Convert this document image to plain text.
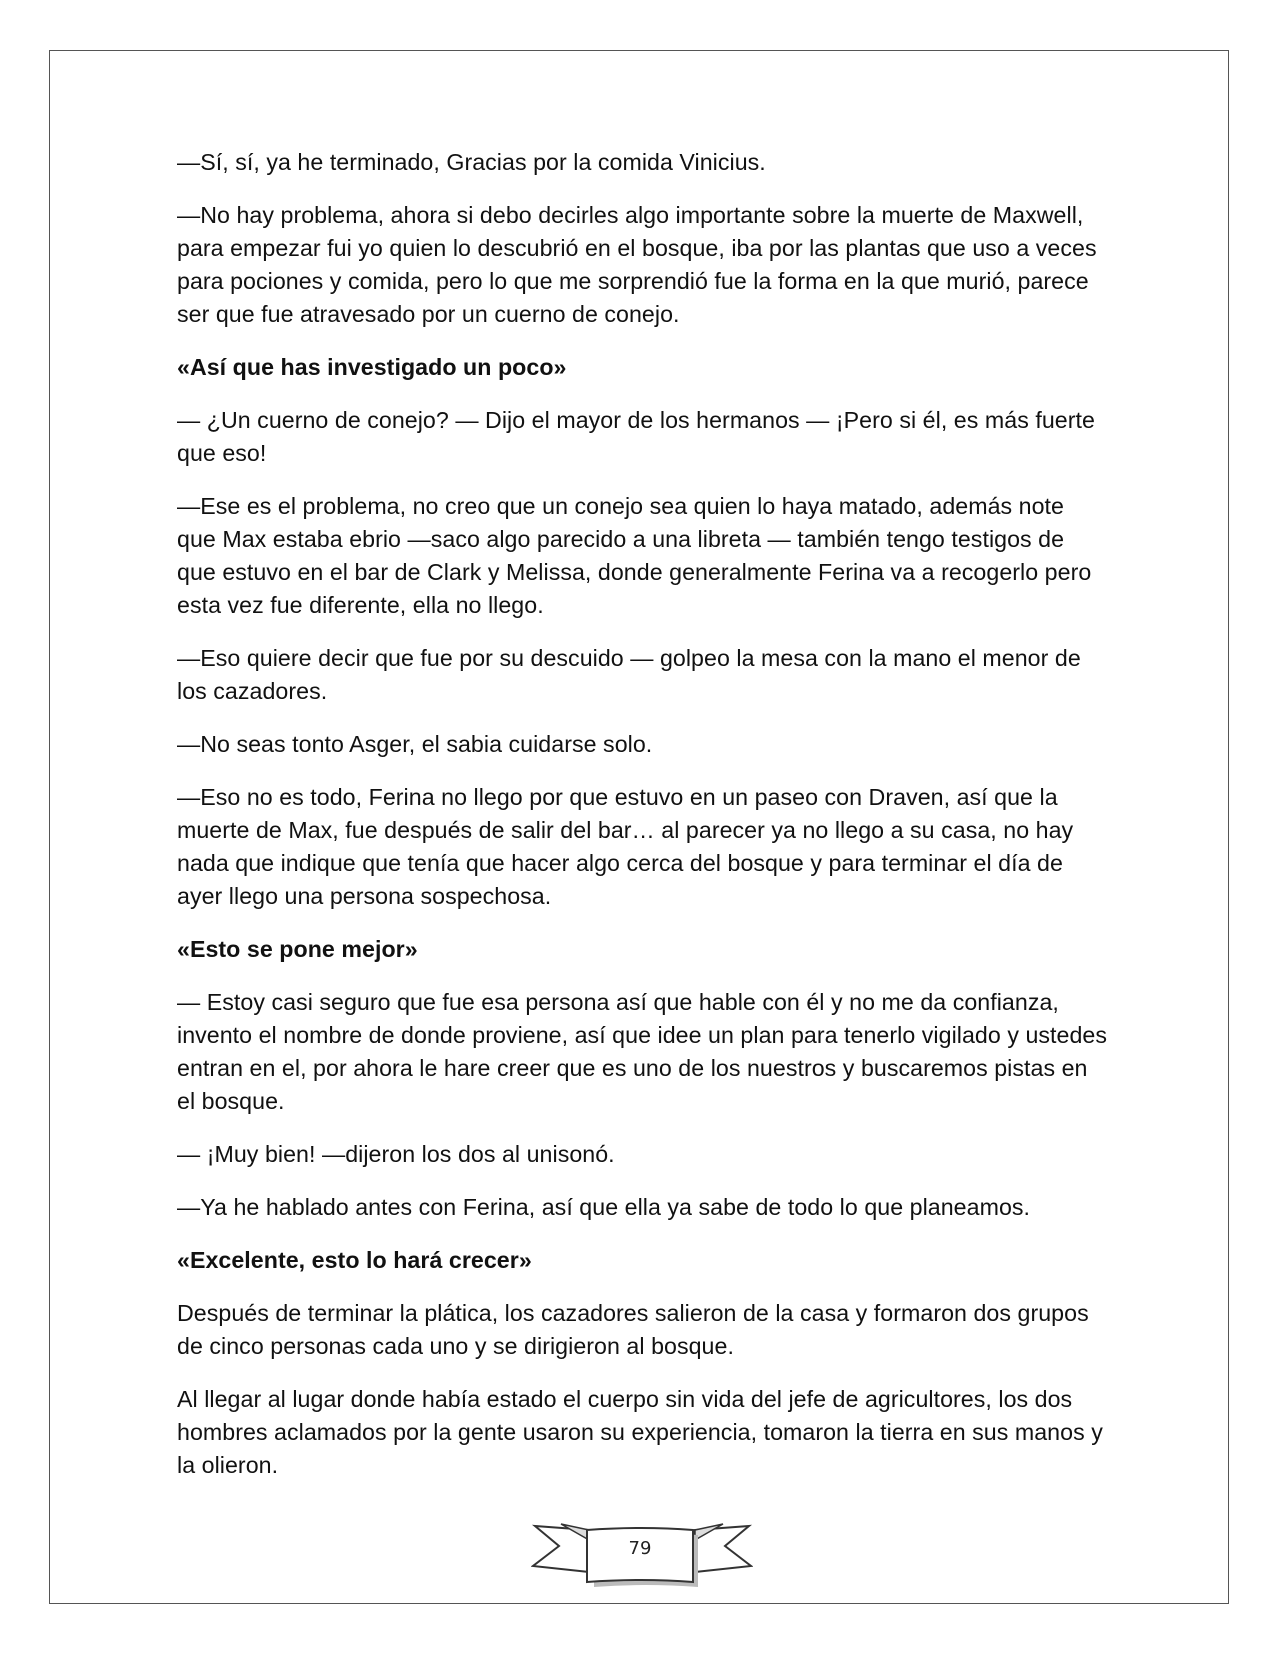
—Sí, sí, ya he terminado, Gracias por la comida Vinicius.

—No hay problema, ahora si debo decirles algo importante sobre la muerte de Maxwell, para empezar fui yo quien lo descubrió en el bosque, iba por las plantas que uso a veces para pociones y comida, pero lo que me sorprendió fue la forma en la que murió, parece ser que fue atravesado por un cuerno de conejo.

«Así que has investigado un poco»

— ¿Un cuerno de conejo? — Dijo el mayor de los hermanos — ¡Pero si él, es más fuerte que eso!

—Ese es el problema, no creo que un conejo sea quien lo haya matado, además note que Max estaba ebrio —saco algo parecido a una libreta — también tengo testigos de que estuvo en el bar de Clark y Melissa, donde generalmente Ferina va a recogerlo pero esta vez fue diferente, ella no llego.

—Eso quiere decir que fue por su descuido — golpeo la mesa con la mano el menor de los cazadores.

—No seas tonto Asger, el sabia cuidarse solo.

—Eso no es todo, Ferina no llego por que estuvo en un paseo con Draven, así que la muerte de Max, fue después de salir del bar… al parecer ya no llego a su casa, no hay nada que indique que tenía que hacer algo cerca del bosque y para terminar el día de ayer llego una persona sospechosa.

«Esto se pone mejor»

— Estoy casi seguro que fue esa persona así que hable con él y no me da confianza, invento el nombre de donde proviene, así que idee un plan para tenerlo vigilado y ustedes entran en el, por ahora le hare creer que es uno de los nuestros y buscaremos pistas en el bosque.

— ¡Muy bien! —dijeron los dos al unisonó.

—Ya he hablado antes con Ferina, así que ella ya sabe de todo lo que planeamos.

«Excelente, esto lo hará crecer»

Después de terminar la plática, los cazadores salieron de la casa y formaron dos grupos de cinco personas cada uno y se dirigieron al bosque.

Al llegar al lugar donde había estado el cuerpo sin vida del jefe de agricultores, los dos hombres aclamados por la gente usaron su experiencia, tomaron la tierra en sus manos y la olieron.

79
